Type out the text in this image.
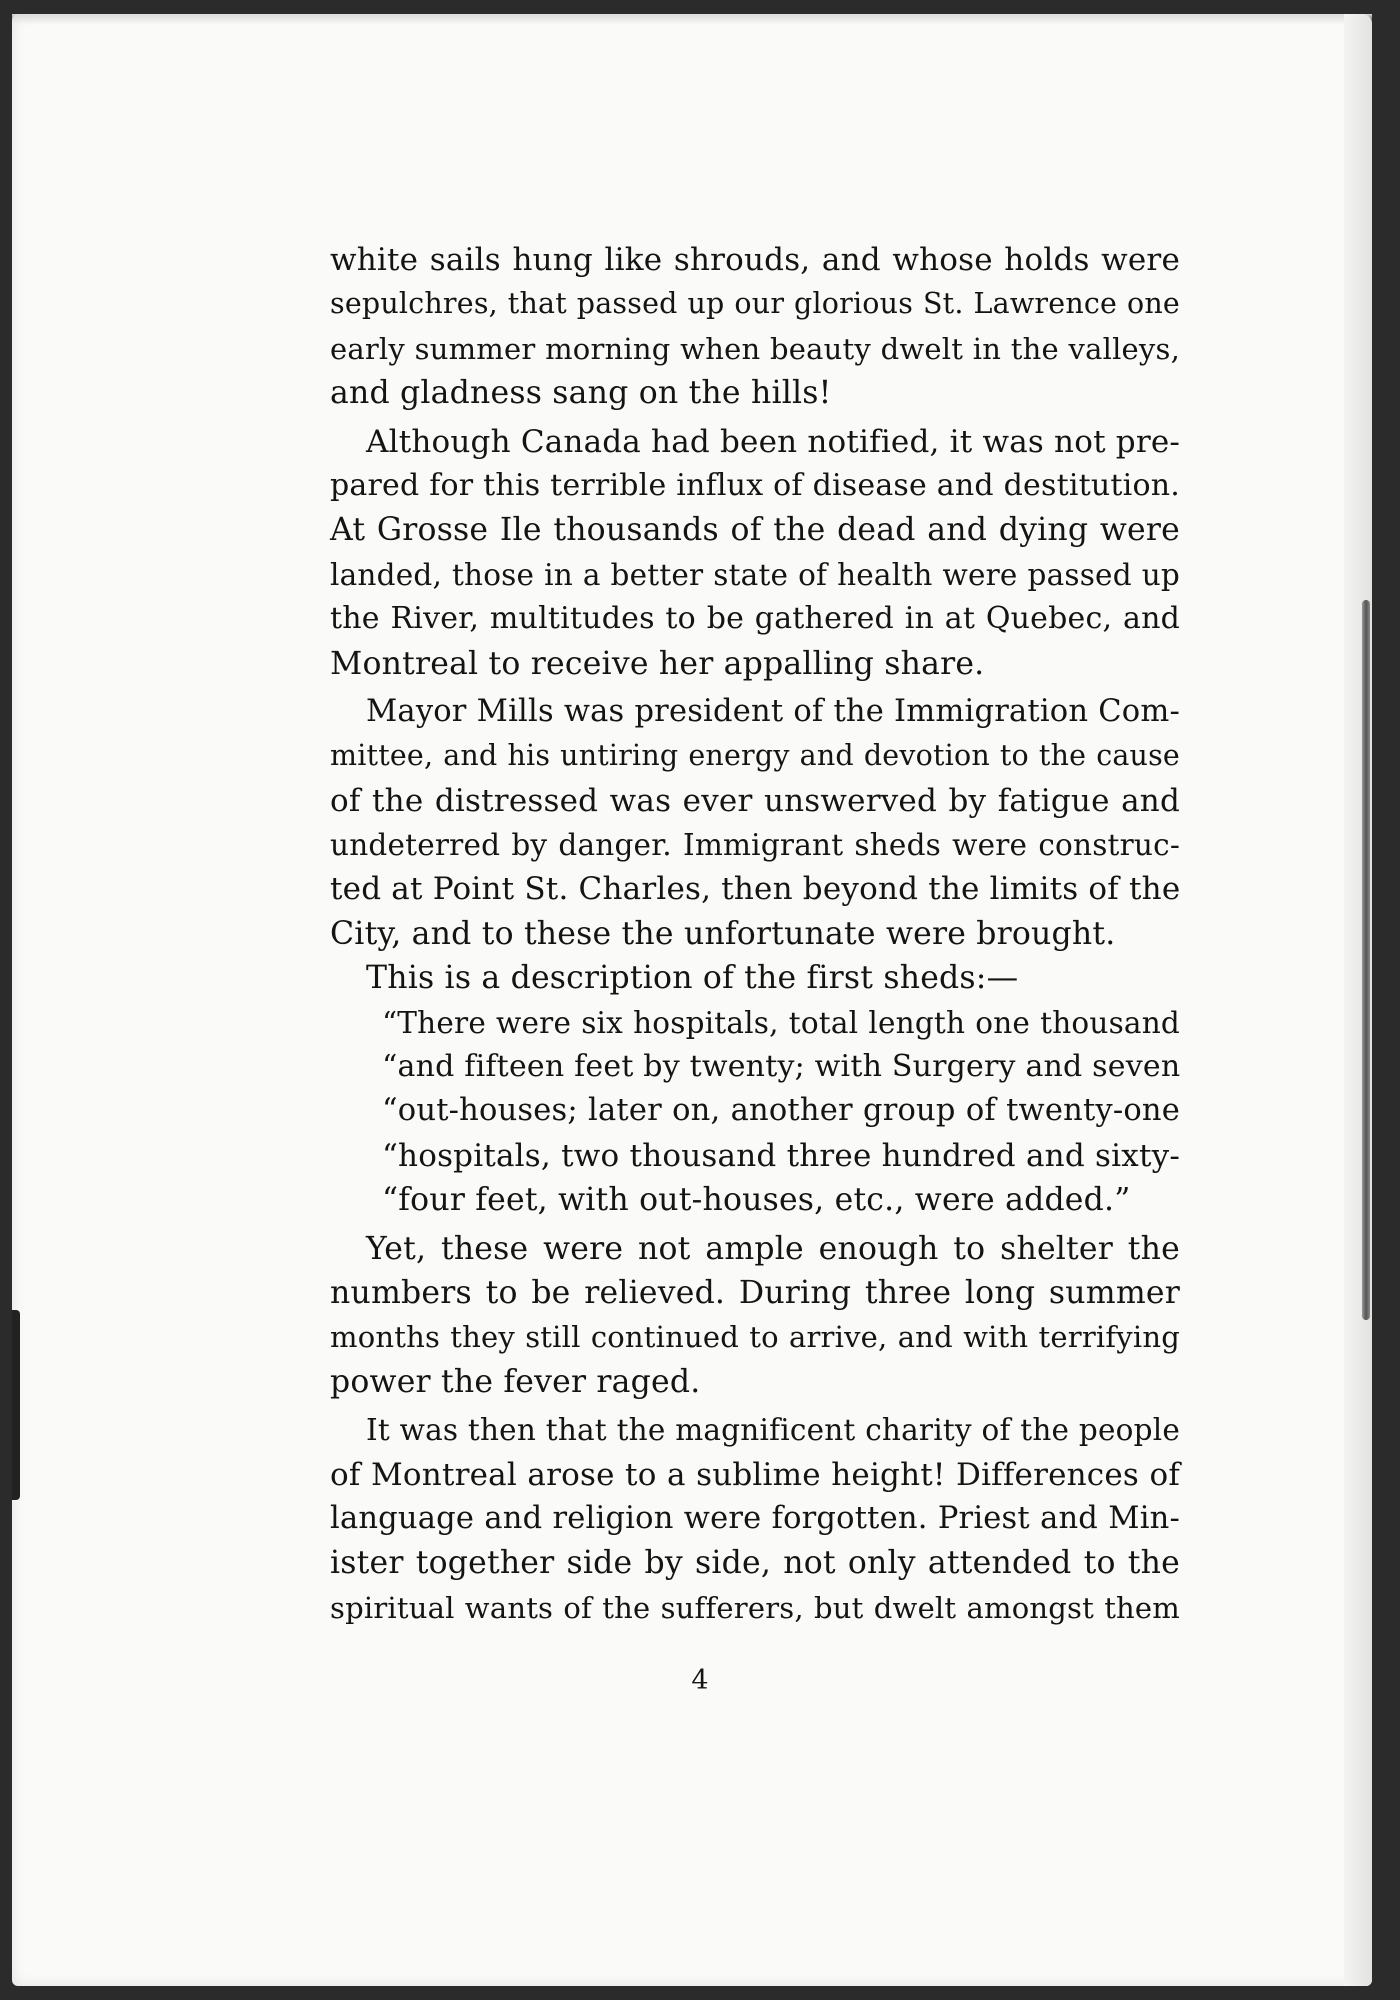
white sails hung like shrouds, and whose holds were
sepulchres, that passed up our glorious St. Lawrence one
early summer morning when beauty dwelt in the valleys,
and gladness sang on the hills!
Although Canada had been notified, it was not pre-
pared for this terrible influx of disease and destitution.
At Grosse Ile thousands of the dead and dying were
landed, those in a better state of health were passed up
the River, multitudes to be gathered in at Quebec, and
Montreal to receive her appalling share.
Mayor Mills was president of the Immigration Com-
mittee, and his untiring energy and devotion to the cause
of the distressed was ever unswerved by fatigue and
undeterred by danger. Immigrant sheds were construc-
ted at Point St. Charles, then beyond the limits of the
City, and to these the unfortunate were brought.
This is a description of the first sheds:—
“There were six hospitals, total length one thousand
“and fifteen feet by twenty; with Surgery and seven
“out-houses; later on, another group of twenty-one
“hospitals, two thousand three hundred and sixty-
“four feet, with out-houses, etc., were added.”
Yet, these were not ample enough to shelter the
numbers to be relieved. During three long summer
months they still continued to arrive, and with terrifying
power the fever raged.
It was then that the magnificent charity of the people
of Montreal arose to a sublime height! Differences of
language and religion were forgotten. Priest and Min-
ister together side by side, not only attended to the
spiritual wants of the sufferers, but dwelt amongst them
4
